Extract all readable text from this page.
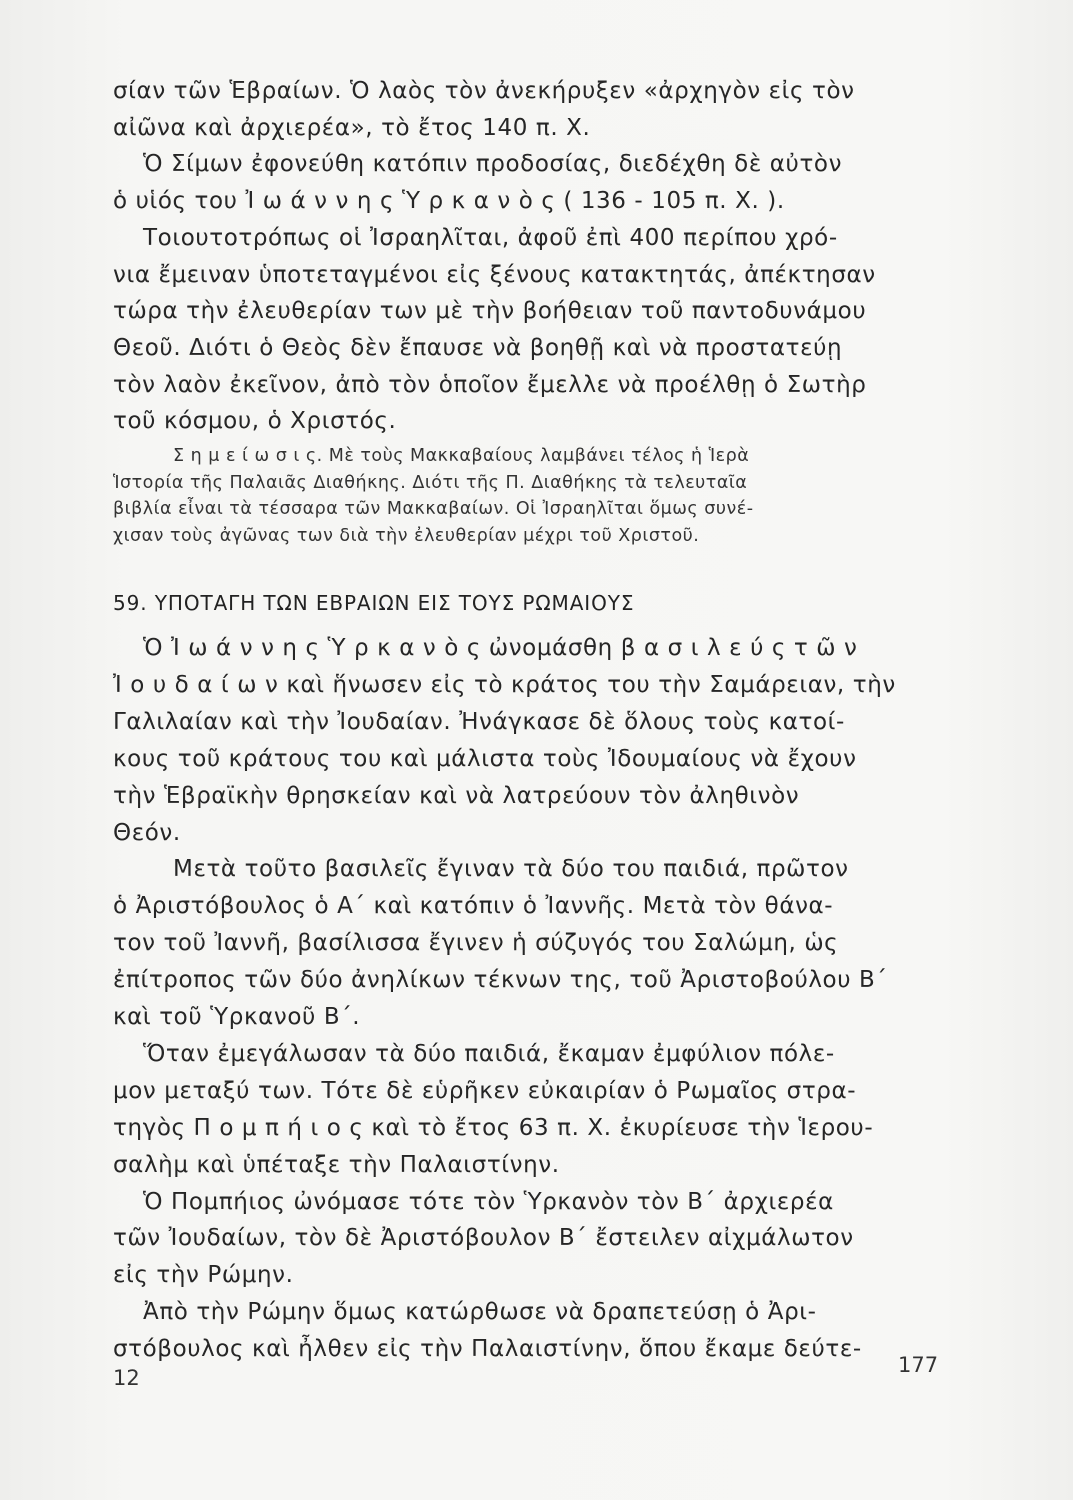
σίαν τῶν Ἑβραίων. Ὁ λαὸς τὸν ἀνεκήρυξεν «ἀρχηγὸν εἰς τὸν
αἰῶνα καὶ ἀρχιερέα», τὸ ἔτος 140 π. Χ.
Ὁ Σίμων ἐφονεύθη κατόπιν προδοσίας, διεδέχθη δὲ αὐτὸν
ὁ υἱός του Ἰ ω ά ν ν η ς Ὑ ρ κ α ν ὸ ς ( 136 - 105 π. Χ. ).
Τοιουτοτρόπως οἱ Ἰσραηλῖται, ἀφοῦ ἐπὶ 400 περίπου χρό-
νια ἔμειναν ὑποτεταγμένοι εἰς ξένους κατακτητάς, ἀπέκτησαν
τώρα τὴν ἐλευθερίαν των μὲ τὴν βοήθειαν τοῦ παντοδυνάμου
Θεοῦ. Διότι ὁ Θεὸς δὲν ἔπαυσε νὰ βοηθῇ καὶ νὰ προστατεύῃ
τὸν λαὸν ἐκεῖνον, ἀπὸ τὸν ὁποῖον ἔμελλε νὰ προέλθῃ ὁ Σωτὴρ
τοῦ κόσμου, ὁ Χριστός.
Σ η μ ε ί ω σ ι ς. Μὲ τοὺς Μακκαβαίους λαμβάνει τέλος ἡ Ἱερὰ
Ἱστορία τῆς Παλαιᾶς Διαθήκης. Διότι τῆς Π. Διαθήκης τὰ τελευταῖα
βιβλία εἶναι τὰ τέσσαρα τῶν Μακκαβαίων. Οἱ Ἰσραηλῖται ὅμως συνέ-
χισαν τοὺς ἀγῶνας των διὰ τὴν ἐλευθερίαν μέχρι τοῦ Χριστοῦ.
59. ΥΠΟΤΑΓΗ ΤΩΝ ΕΒΡΑΙΩΝ ΕΙΣ ΤΟΥΣ ΡΩΜΑΙΟΥΣ
Ὁ Ἰ ω ά ν ν η ς Ὑ ρ κ α ν ὸ ς ὠνομάσθη β α σ ι λ ε ύ ς τ ῶ ν
Ἰ ο υ δ α ί ω ν καὶ ἥνωσεν εἰς τὸ κράτος του τὴν Σαμάρειαν, τὴν
Γαλιλαίαν καὶ τὴν Ἰουδαίαν. Ἠνάγκασε δὲ ὅλους τοὺς κατοί-
κους τοῦ κράτους του καὶ μάλιστα τοὺς Ἰδουμαίους νὰ ἔχουν
τὴν Ἑβραϊκὴν θρησκείαν καὶ νὰ λατρεύουν τὸν ἀληθινὸν
Θεόν.
Μετὰ τοῦτο βασιλεῖς ἔγιναν τὰ δύο του παιδιά, πρῶτον
ὁ Ἀριστόβουλος ὁ Α΄ καὶ κατόπιν ὁ Ἰαννῆς. Μετὰ τὸν θάνα-
τον τοῦ Ἰαννῆ, βασίλισσα ἔγινεν ἡ σύζυγός του Σαλώμη, ὡς
ἐπίτροπος τῶν δύο ἀνηλίκων τέκνων της, τοῦ Ἀριστοβούλου Β΄
καὶ τοῦ Ὑρκανοῦ Β΄.
Ὅταν ἐμεγάλωσαν τὰ δύο παιδιά, ἔκαμαν ἐμφύλιον πόλε-
μον μεταξύ των. Τότε δὲ εὑρῆκεν εὐκαιρίαν ὁ Ρωμαῖος στρα-
τηγὸς Π ο μ π ή ι ο ς καὶ τὸ ἔτος 63 π. Χ. ἐκυρίευσε τὴν Ἱερου-
σαλὴμ καὶ ὑπέταξε τὴν Παλαιστίνην.
Ὁ Πομπήιος ὠνόμασε τότε τὸν Ὑρκανὸν τὸν Β΄ ἀρχιερέα
τῶν Ἰουδαίων, τὸν δὲ Ἀριστόβουλον Β΄ ἔστειλεν αἰχμάλωτον
εἰς τὴν Ρώμην.
Ἀπὸ τὴν Ρώμην ὅμως κατώρθωσε νὰ δραπετεύσῃ ὁ Ἀρι-
στόβουλος καὶ ἦλθεν εἰς τὴν Παλαιστίνην, ὅπου ἔκαμε δεύτε-
12
177
